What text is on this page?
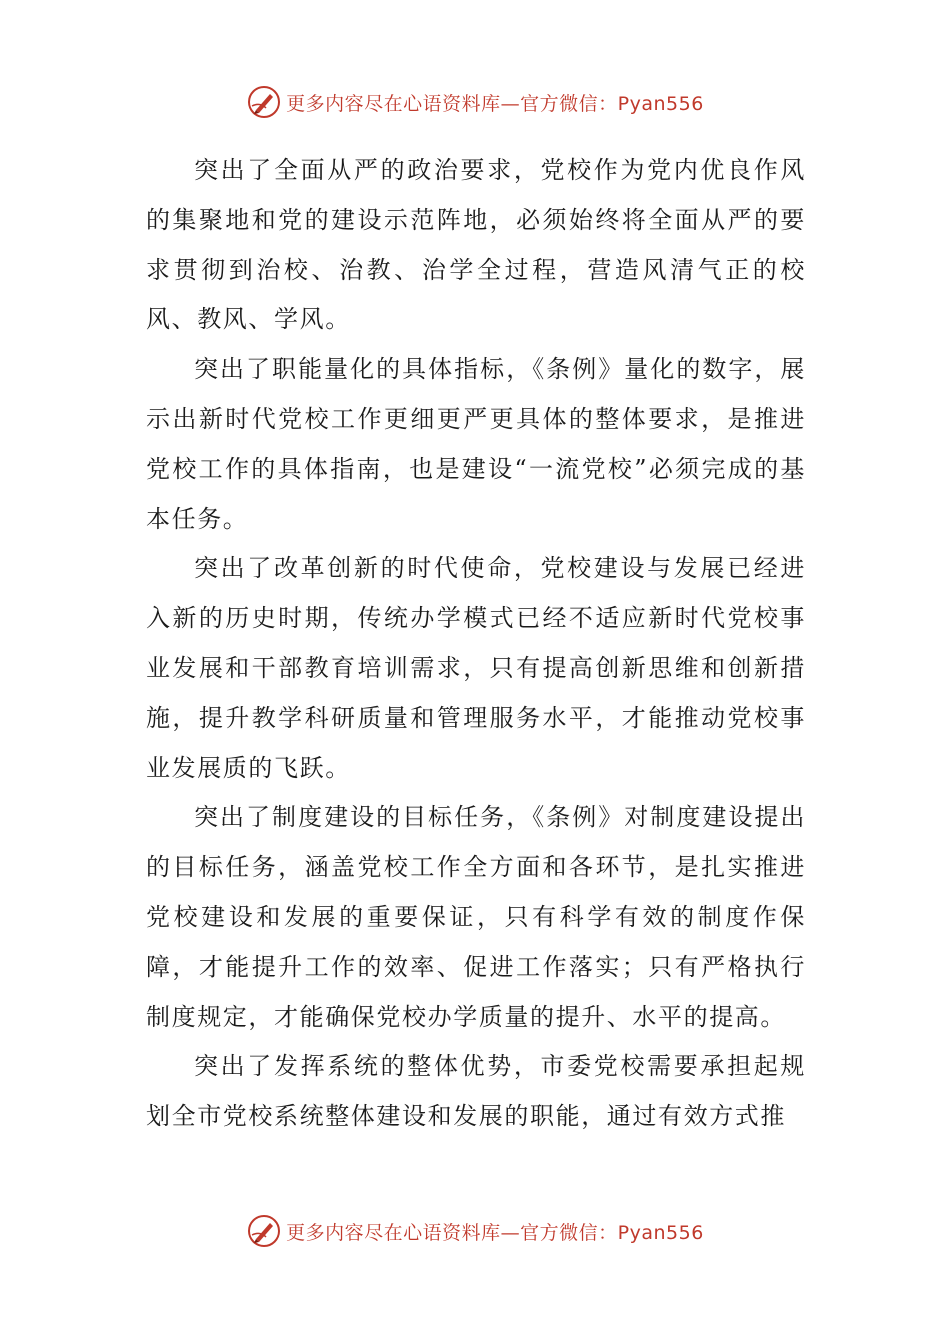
更多内容尽在心语资料库—官方微信：Pyan556

突出了全面从严的政治要求，党校作为党内优良作风的集聚地和党的建设示范阵地，必须始终将全面从严的要求贯彻到治校、治教、治学全过程，营造风清气正的校风、教风、学风。

突出了职能量化的具体指标，《条例》量化的数字，展示出新时代党校工作更细更严更具体的整体要求，是推进党校工作的具体指南，也是建设“一流党校”必须完成的基本任务。

突出了改革创新的时代使命，党校建设与发展已经进入新的历史时期，传统办学模式已经不适应新时代党校事业发展和干部教育培训需求，只有提高创新思维和创新措施，提升教学科研质量和管理服务水平，才能推动党校事业发展质的飞跃。

突出了制度建设的目标任务，《条例》对制度建设提出的目标任务，涵盖党校工作全方面和各环节，是扎实推进党校建设和发展的重要保证，只有科学有效的制度作保障，才能提升工作的效率、促进工作落实；只有严格执行制度规定，才能确保党校办学质量的提升、水平的提高。

突出了发挥系统的整体优势，市委党校需要承担起规划全市党校系统整体建设和发展的职能，通过有效方式推

更多内容尽在心语资料库—官方微信：Pyan556
